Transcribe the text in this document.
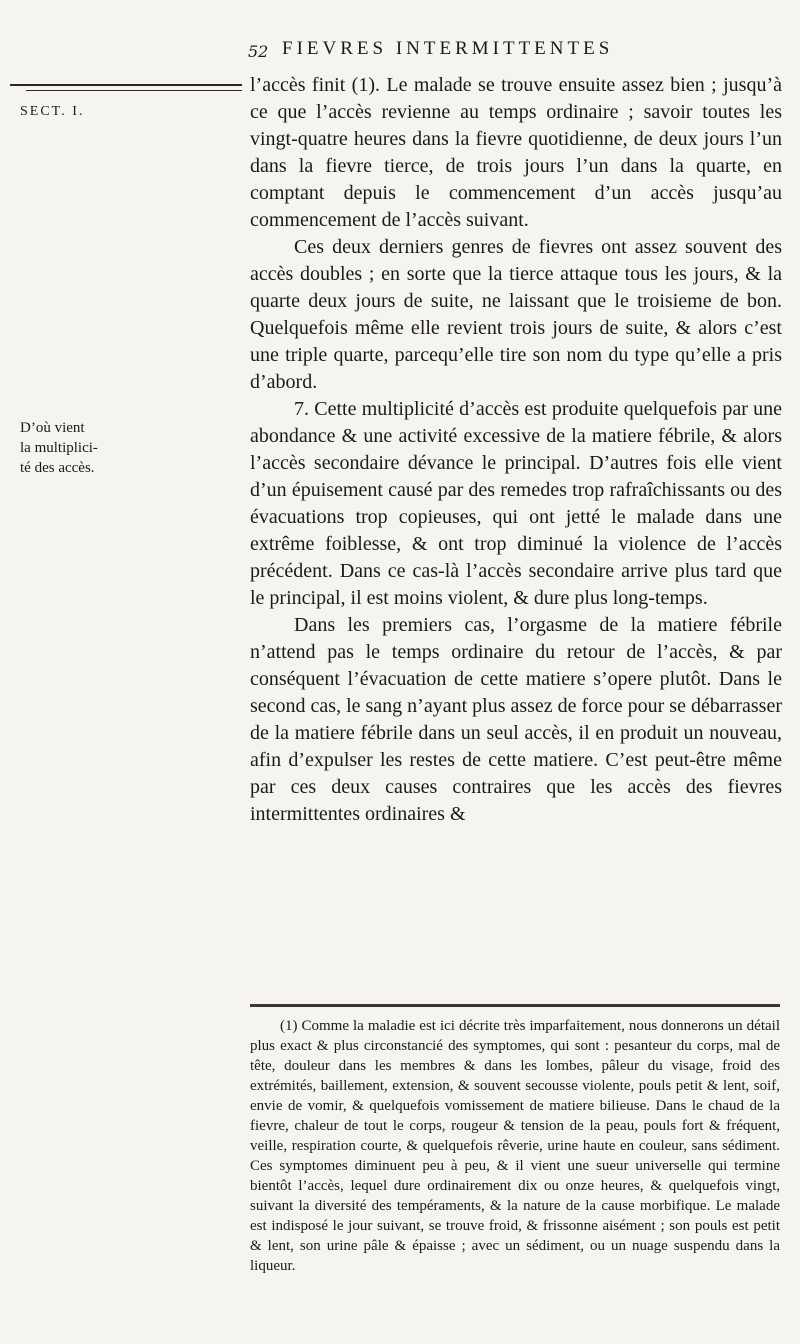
52 FIEVRES INTERMITTENTES
SECT. I.
D’où vient
la multiplici-
té des accès.

l’accès finit (1). Le malade se trouve ensuite assez bien ; jusqu’à ce que l’accès revienne au temps ordinaire ; savoir toutes les vingt-quatre heures dans la fievre quotidienne, de deux jours l’un dans la fievre tierce, de trois jours l’un dans la quarte, en comptant depuis le commencement d’un accès jusqu’au commencement de l’accès suivant.

Ces deux derniers genres de fievres ont assez souvent des accès doubles ; en sorte que la tierce attaque tous les jours, & la quarte deux jours de suite, ne laissant que le troisieme de bon. Quelquefois même elle revient trois jours de suite, & alors c’est une triple quarte, parcequ’elle tire son nom du type qu’elle a pris d’abord.

7. Cette multiplicité d’accès est produite quelquefois par une abondance & une activité excessive de la matiere fébrile, & alors l’accès secondaire dévance le principal. D’autres fois elle vient d’un épuisement causé par des remedes trop rafraîchissants ou des évacuations trop copieuses, qui ont jetté le malade dans une extrême foiblesse, & ont trop diminué la violence de l’accès précédent. Dans ce cas-là l’accès secondaire arrive plus tard que le principal, il est moins violent, & dure plus long-temps.

Dans les premiers cas, l’orgasme de la matiere fébrile n’attend pas le temps ordinaire du retour de l’accès, & par conséquent l’évacuation de cette matiere s’opere plutôt. Dans le second cas, le sang n’ayant plus assez de force pour se débarrasser de la matiere fébrile dans un seul accès, il en produit un nouveau, afin d’expulser les restes de cette matiere. C’est peut-être même par ces deux causes contraires que les accès des fievres intermittentes ordinaires &

(1) Comme la maladie est ici décrite très imparfaitement, nous donnerons un détail plus exact & plus circonstancié des symptomes, qui sont : pesanteur du corps, mal de tête, douleur dans les membres & dans les lombes, pâleur du visage, froid des extrémités, baillement, extension, & souvent secousse violente, pouls petit & lent, soif, envie de vomir, & quelquefois vomissement de matiere bilieuse. Dans le chaud de la fievre, chaleur de tout le corps, rougeur & tension de la peau, pouls fort & fréquent, veille, respiration courte, & quelquefois rêverie, urine haute en couleur, sans sédiment. Ces symptomes diminuent peu à peu, & il vient une sueur universelle qui termine bientôt l’accès, lequel dure ordinairement dix ou onze heures, & quelquefois vingt, suivant la diversité des tempéraments, & la nature de la cause morbifique. Le malade est indisposé le jour suivant, se trouve froid, & frissonne aisément ; son pouls est petit & lent, son urine pâle & épaisse ; avec un sédiment, ou un nuage suspendu dans la liqueur.
